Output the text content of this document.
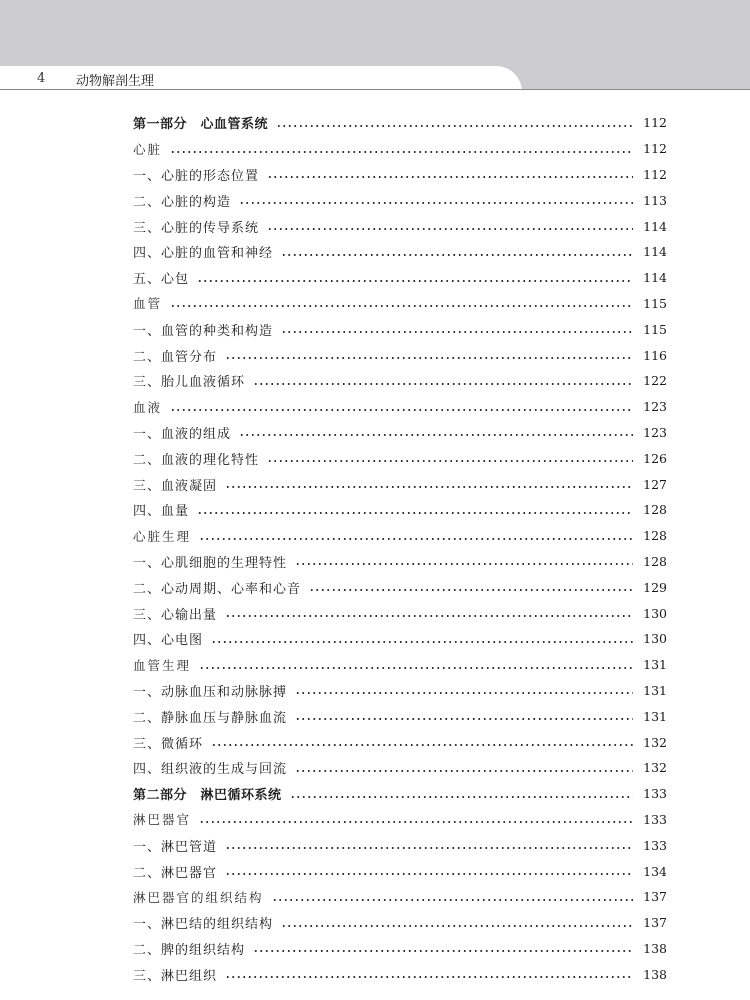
4 动物解剖生理
第一部分　心血管系统	112
心脏	112
一、心脏的形态位置	112
二、心脏的构造	113
三、心脏的传导系统	114
四、心脏的血管和神经	114
五、心包	114
血管	115
一、血管的种类和构造	115
二、血管分布	116
三、胎儿血液循环	122
血液	123
一、血液的组成	123
二、血液的理化特性	126
三、血液凝固	127
四、血量	128
心脏生理	128
一、心肌细胞的生理特性	128
二、心动周期、心率和心音	129
三、心输出量	130
四、心电图	130
血管生理	131
一、动脉血压和动脉脉搏	131
二、静脉血压与静脉血流	131
三、微循环	132
四、组织液的生成与回流	132
第二部分　淋巴循环系统	133
淋巴器官	133
一、淋巴管道	133
二、淋巴器官	134
淋巴器官的组织结构	137
一、淋巴结的组织结构	137
二、脾的组织结构	138
三、淋巴组织	138
